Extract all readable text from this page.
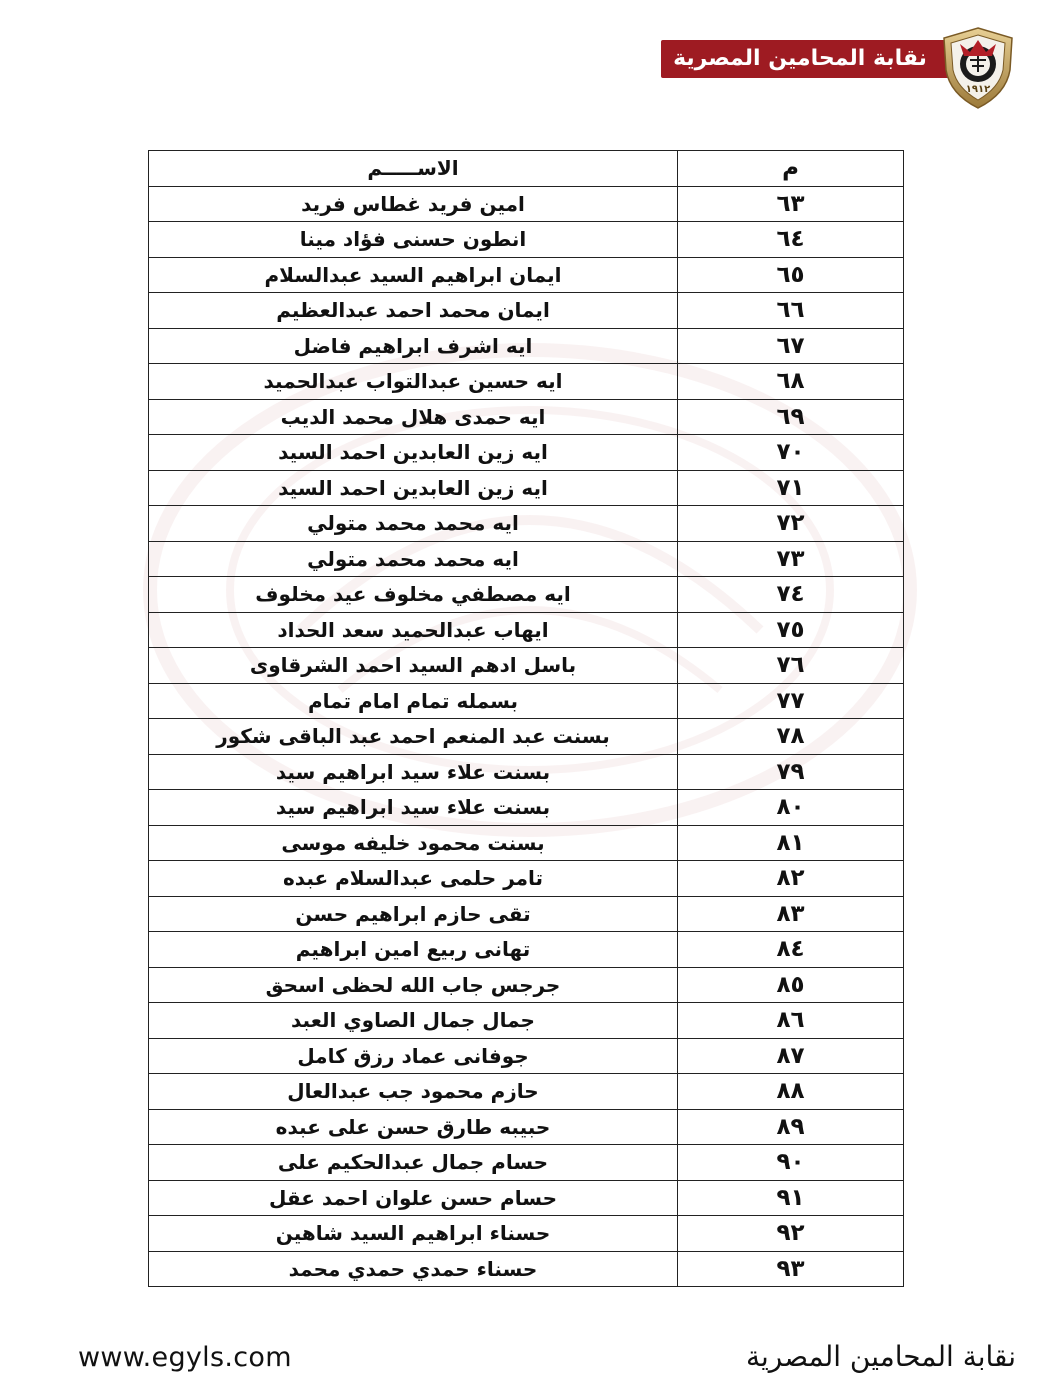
نقابة المحامين المصرية
١٩١٢
م	الاســـــم
٦٣	امين فريد غطاس فريد
٦٤	انطون حسنى فؤاد مينا
٦٥	ايمان ابراهيم السيد عبدالسلام
٦٦	ايمان محمد احمد عبدالعظيم
٦٧	ايه اشرف ابراهيم فاضل
٦٨	ايه حسين عبدالتواب عبدالحميد
٦٩	ايه حمدى هلال محمد الديب
٧٠	ايه زين العابدين احمد السيد
٧١	ايه زين العابدين احمد السيد
٧٢	ايه محمد محمد متولي
٧٣	ايه محمد محمد متولي
٧٤	ايه مصطفي مخلوف عيد مخلوف
٧٥	ايهاب عبدالحميد سعد الحداد
٧٦	باسل ادهم السيد احمد الشرقاوى
٧٧	بسمله تمام امام تمام
٧٨	بسنت عبد المنعم احمد عبد الباقى شكور
٧٩	بسنت علاء سيد ابراهيم سيد
٨٠	بسنت علاء سيد ابراهيم سيد
٨١	بسنت محمود خليفه موسى
٨٢	تامر حلمى عبدالسلام عبده
٨٣	تقى حازم ابراهيم حسن
٨٤	تهانى ربيع امين ابراهيم
٨٥	جرجس جاب الله لحظى اسحق
٨٦	جمال جمال الصاوي العبد
٨٧	جوفانى عماد رزق كامل
٨٨	حازم محمود جب عبدالعال
٨٩	حبيبه طارق حسن على عبده
٩٠	حسام جمال عبدالحكيم على
٩١	حسام حسن علوان احمد عقل
٩٢	حسناء ابراهيم السيد شاهين
٩٣	حسناء حمدي حمدي محمد
www.egyls.com	نقابة المحامين المصرية
